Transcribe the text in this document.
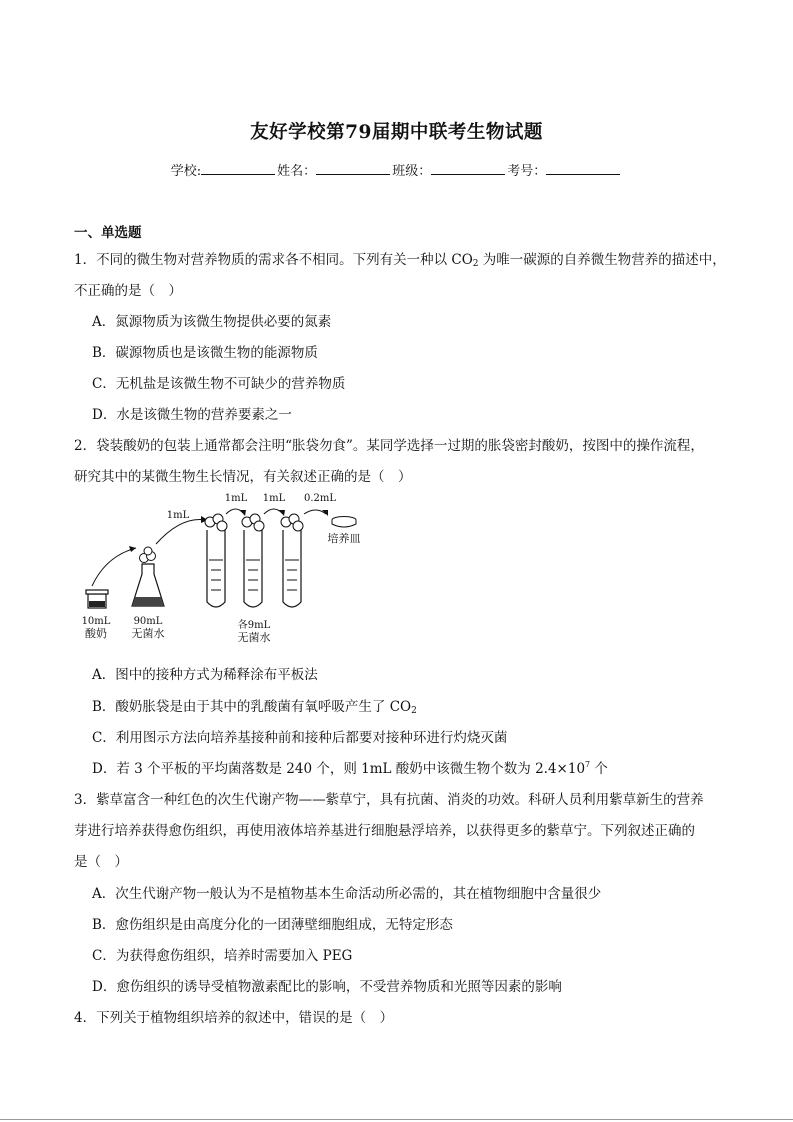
友好学校第79届期中联考生物试题
学校:	姓名：	班级：	考号：
一、单选题
1．不同的微生物对营养物质的需求各不相同。下列有关一种以 $CO_2$ 为唯一碳源的自养微生物营养的描述中，
不正确的是（　）
A．氮源物质为该微生物提供必要的氮素
B．碳源物质也是该微生物的能源物质
C．无机盐是该微生物不可缺少的营养物质
D．水是该微生物的营养要素之一
2．袋装酸奶的包装上通常都会注明“胀袋勿食”。某同学选择一过期的胀袋密封酸奶，按图中的操作流程，
研究其中的某微生物生长情况，有关叙述正确的是（　）
10mL
酸奶
90mL
无菌水
1mL
1mL 1mL 0.2mL
培养皿
各9mL
无菌水
A．图中的接种方式为稀释涂布平板法
B．酸奶胀袋是由于其中的乳酸菌有氧呼吸产生了 $CO_2$
C．利用图示方法向培养基接种前和接种后都要对接种环进行灼烧灭菌
D．若 3 个平板的平均菌落数是 240 个，则 1mL 酸奶中该微生物个数为 $2.4\times 10^7$ 个
3．紫草富含一种红色的次生代谢产物——紫草宁，具有抗菌、消炎的功效。科研人员利用紫草新生的营养
芽进行培养获得愈伤组织，再使用液体培养基进行细胞悬浮培养，以获得更多的紫草宁。下列叙述正确的
是（　）
A．次生代谢产物一般认为不是植物基本生命活动所必需的，其在植物细胞中含量很少
B．愈伤组织是由高度分化的一团薄壁细胞组成，无特定形态
C．为获得愈伤组织，培养时需要加入 PEG
D．愈伤组织的诱导受植物激素配比的影响，不受营养物质和光照等因素的影响
4．下列关于植物组织培养的叙述中，错误的是（　）
